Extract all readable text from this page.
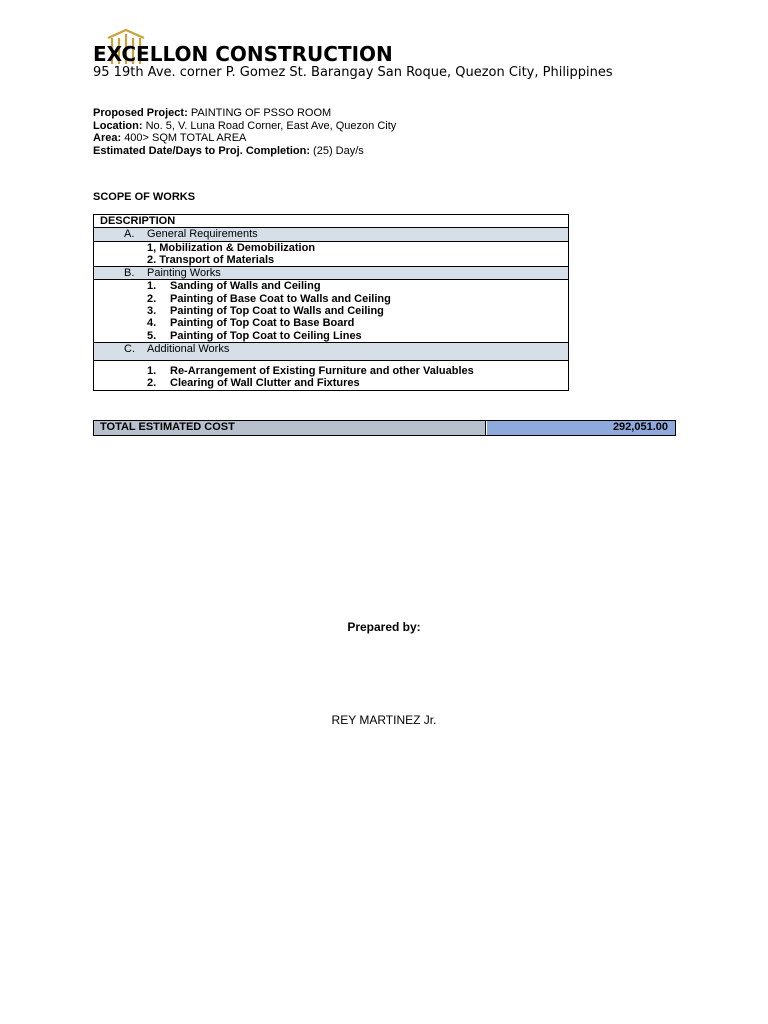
EXCELLON CONSTRUCTION
95 19th Ave. corner P. Gomez St. Barangay San Roque, Quezon City, Philippines
Proposed Project: PAINTING OF PSSO ROOM
Location: No. 5, V. Luna Road Corner, East Ave, Quezon City
Area: 400> SQM TOTAL AREA
Estimated Date/Days to Proj. Completion: (25) Day/s
SCOPE OF WORKS
DESCRIPTION
A. General Requirements
1, Mobilization & Demobilization
2. Transport of Materials
B. Painting Works
1. Sanding of Walls and Ceiling
2. Painting of Base Coat to Walls and Ceiling
3. Painting of Top Coat to Walls and Ceiling
4. Painting of Top Coat to Base Board
5. Painting of Top Coat to Ceiling Lines
C. Additional Works
1. Re-Arrangement of Existing Furniture and other Valuables
2. Clearing of Wall Clutter and Fixtures
TOTAL ESTIMATED COST	292,051.00
Prepared by:
REY MARTINEZ Jr.
